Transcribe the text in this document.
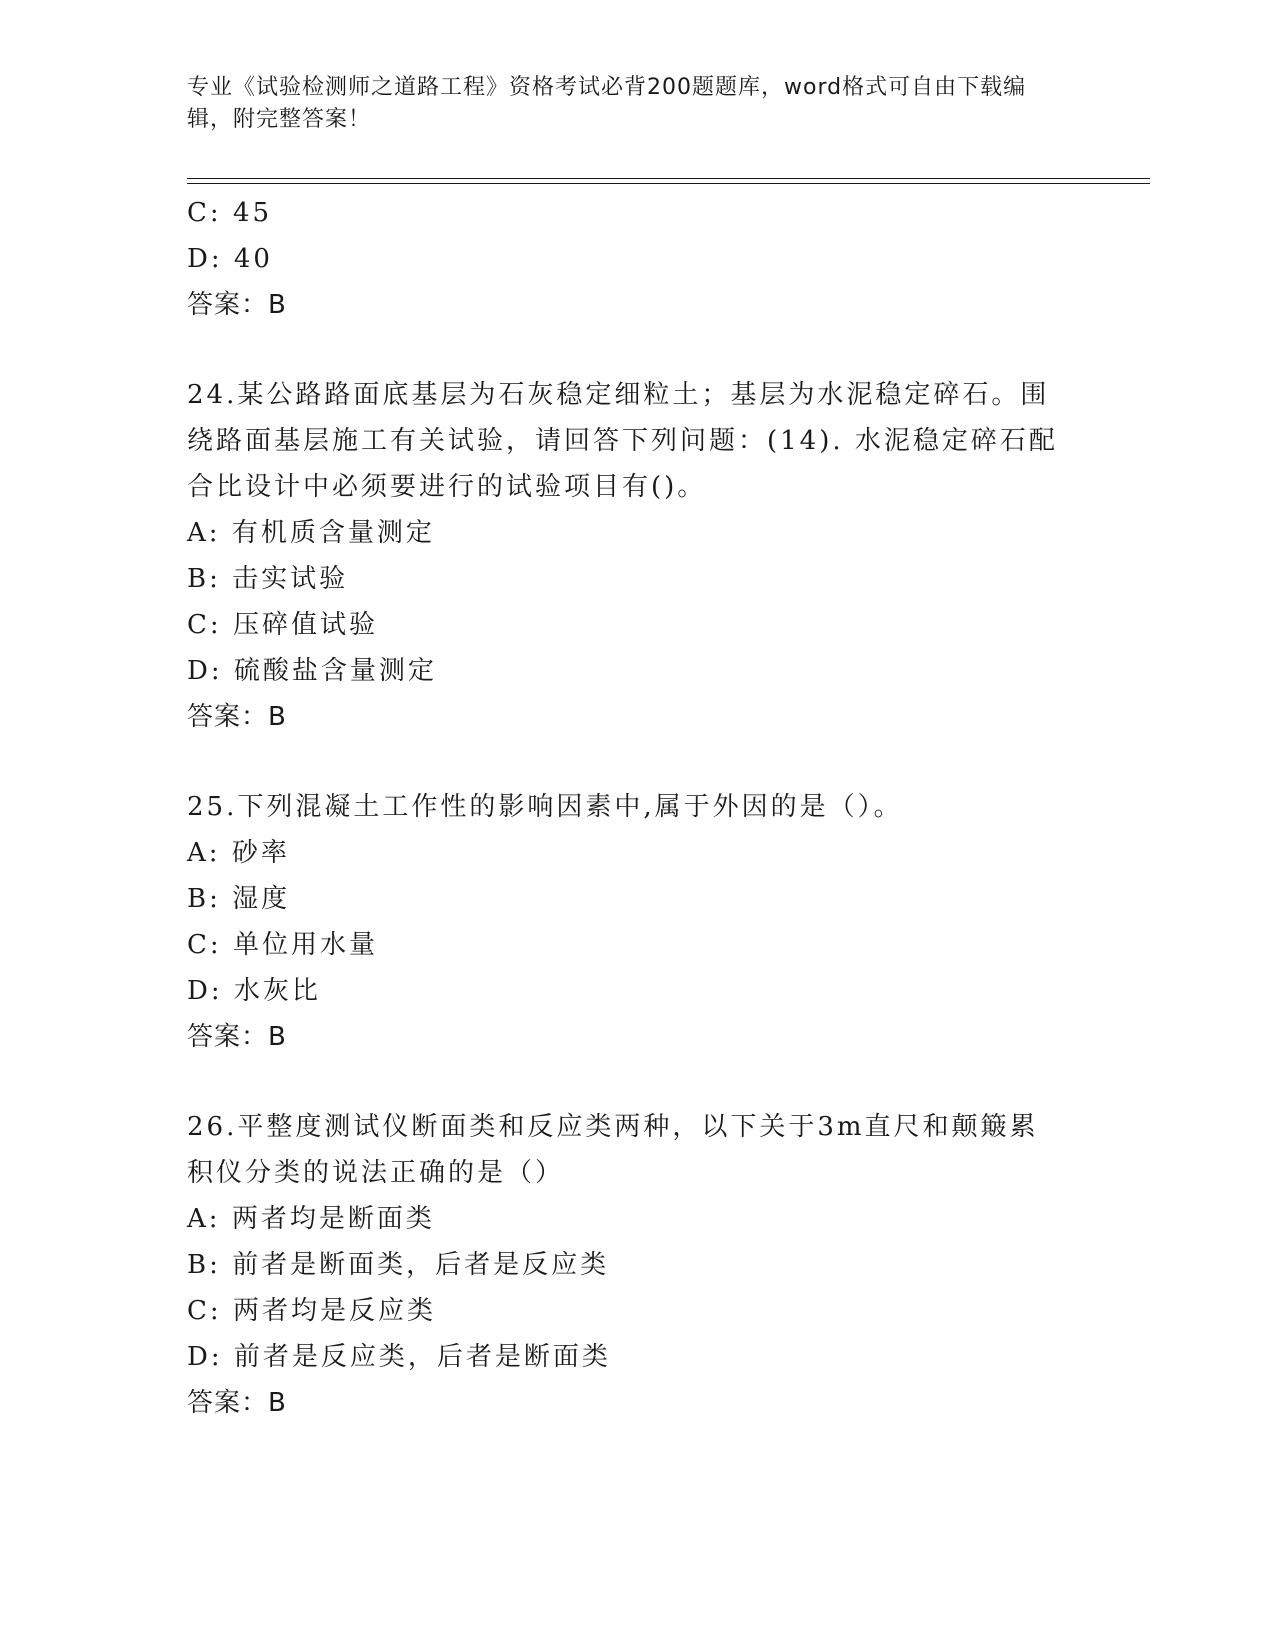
专业《试验检测师之道路工程》资格考试必背200题题库，word格式可自由下载编辑，附完整答案！
C: 45
D: 40
答案：B
24.某公路路面底基层为石灰稳定细粒土；基层为水泥稳定碎石。围绕路面基层施工有关试验，请回答下列问题：(14). 水泥稳定碎石配合比设计中必须要进行的试验项目有()。
A: 有机质含量测定
B: 击实试验
C: 压碎值试验
D: 硫酸盐含量测定
答案：B
25.下列混凝土工作性的影响因素中,属于外因的是（）。
A: 砂率
B: 湿度
C: 单位用水量
D: 水灰比
答案：B
26.平整度测试仪断面类和反应类两种，以下关于3m直尺和颠簸累积仪分类的说法正确的是（）
A: 两者均是断面类
B: 前者是断面类，后者是反应类
C: 两者均是反应类
D: 前者是反应类，后者是断面类
答案：B
